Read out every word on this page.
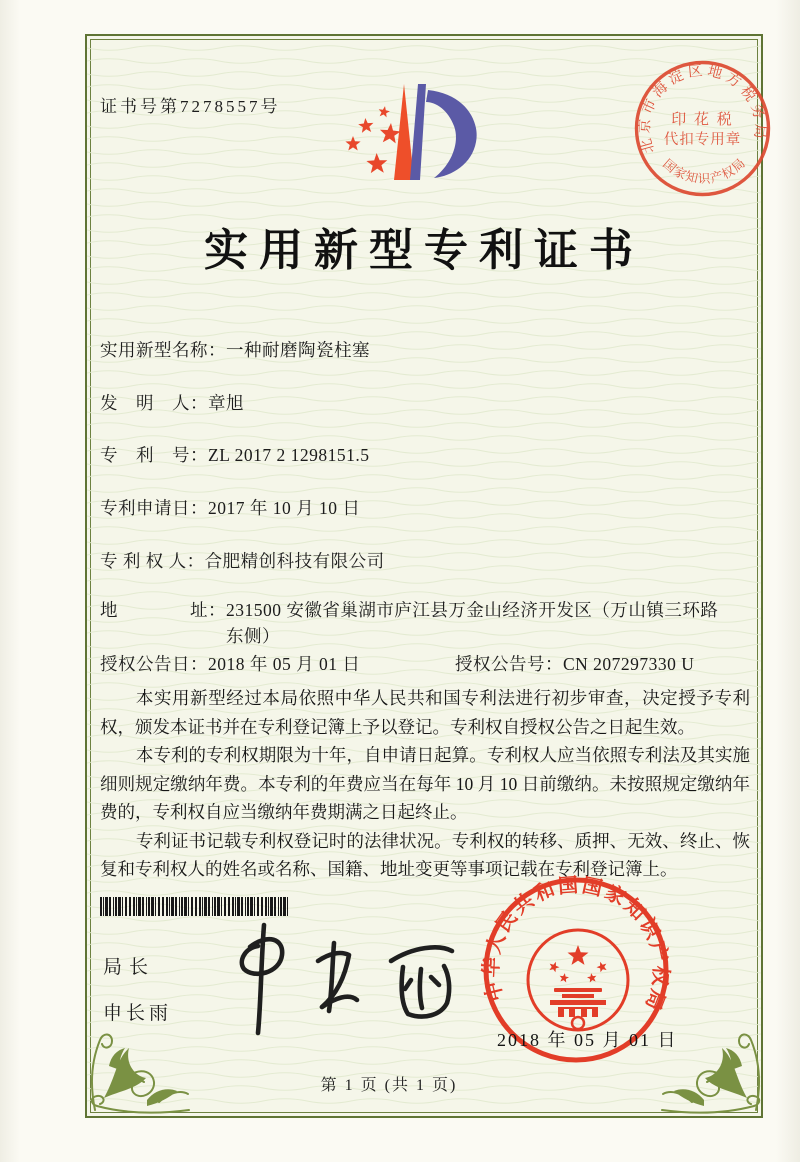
证书号第7278557号
北京市海淀区地方税务局
印 花 税
代扣专用章
国家知识产权局
实用新型专利证书
实用新型名称：一种耐磨陶瓷柱塞
发　明　人：章旭
专　利　号：ZL 2017 2 1298151.5
专利申请日：2017 年 10 月 10 日
专 利 权 人：合肥精创科技有限公司
地　　　　址：231500 安徽省巢湖市庐江县万金山经济开发区（万山镇三环路东侧）
授权公告日：2018 年 05 月 01 日	授权公告号：CN 207297330 U

本实用新型经过本局依照中华人民共和国专利法进行初步审查，决定授予专利权，颁发本证书并在专利登记簿上予以登记。专利权自授权公告之日起生效。

本专利的专利权期限为十年，自申请日起算。专利权人应当依照专利法及其实施细则规定缴纳年费。本专利的年费应当在每年 10 月 10 日前缴纳。未按照规定缴纳年费的，专利权自应当缴纳年费期满之日起终止。

专利证书记载专利权登记时的法律状况。专利权的转移、质押、无效、终止、恢复和专利权人的姓名或名称、国籍、地址变更等事项记载在专利登记簿上。

局长
申长雨
中华人民共和国国家知识产权局
2018 年 05 月 01 日
第 1 页 (共 1 页)
